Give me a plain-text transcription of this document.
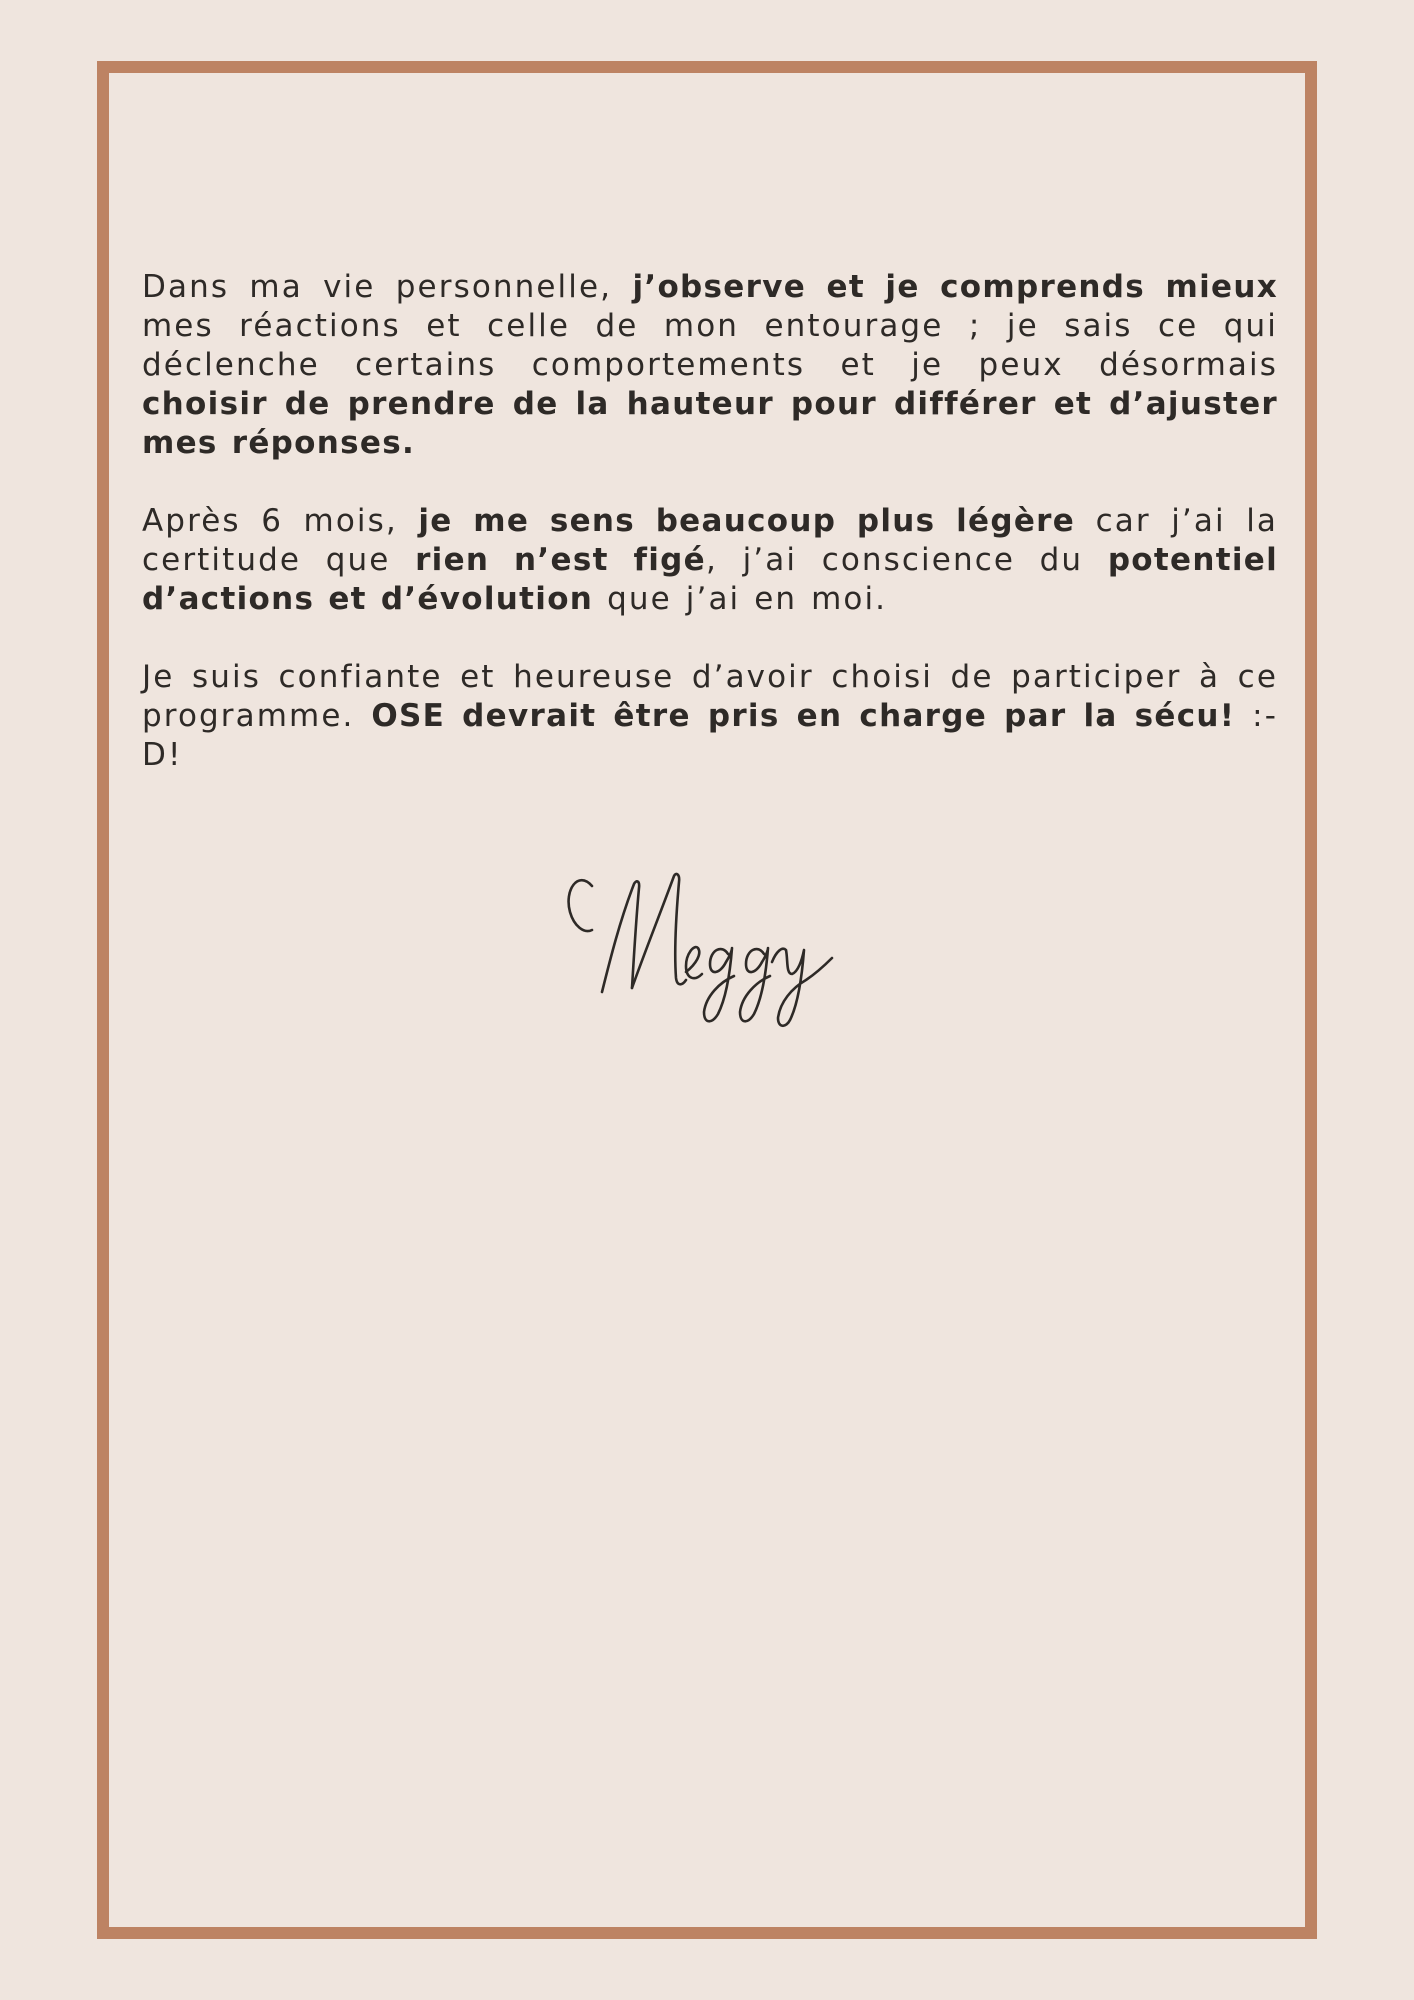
Dans ma vie personnelle, j’observe et je comprends mieux mes réactions et celle de mon entourage ; je sais ce qui déclenche certains comportements et je peux désormais choisir de prendre de la hauteur pour différer et d’ajuster mes réponses.

Après 6 mois, je me sens beaucoup plus légère car j’ai la certitude que rien n’est figé, j’ai conscience du potentiel d’actions et d’évolution que j’ai en moi.

Je suis confiante et heureuse d’avoir choisi de participer à ce programme. OSE devrait être pris en charge par la sécu! :-D!
